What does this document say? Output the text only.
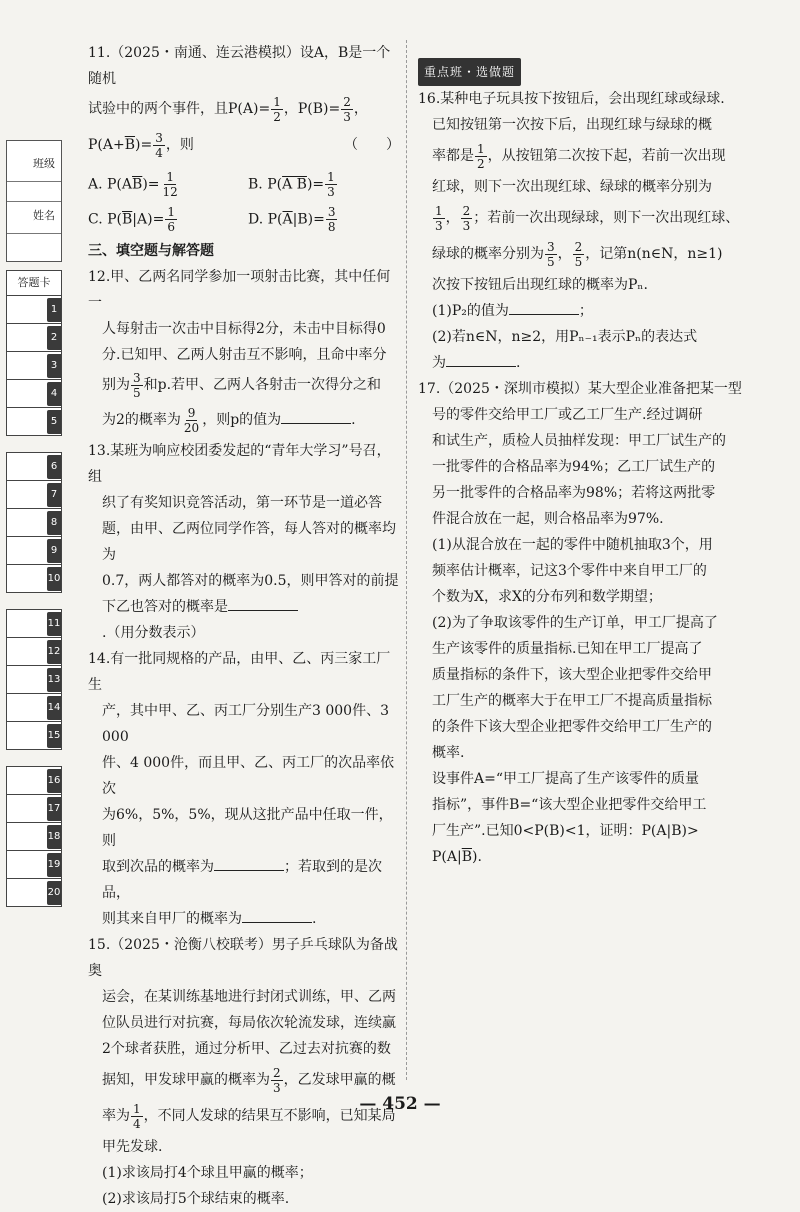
班级
姓名
答题卡
1
2
3
4
5
6
7
8
9
10
11
12
13
14
15
16
17
18
19
20

11.（2025・南通、连云港模拟）设A，B是一个随机

试验中的两个事件，且$P(A)= \frac{1}{2}$ ，$P(B)= \frac{2}{3}$ ，

$P(A+\overline{B})= \frac{3}{4}$ ，则	（　　）

A. $P(A\overline{B})= \frac{1}{12}$	B. P(A $B)= \frac{1}{3}$
C. $P(\overline{B}|A)= \frac{1}{6}$	D. $P(\overline{A}|B)= \frac{3}{8}$

三、填空题与解答题

12.甲、乙两名同学参加一项射击比赛，其中任何一

人每射击一次击中目标得2分，未击中目标得0

分.已知甲、乙两人射击互不影响，且命中率分

别为 $\frac{3}{5}$ 和p.若甲、乙两人各射击一次得分之和

为2的概率为 $\frac{9}{20}$ ，则p的值为	.

13.某班为响应校团委发起的“青年大学习”号召，组

织了有奖知识竞答活动，第一环节是一道必答

题，由甲、乙两位同学作答，每人答对的概率均为

0.7，两人都答对的概率为0.5，则甲答对的前提

下乙也答对的概率是.（用分数表示）

14.有一批同规格的产品，由甲、乙、丙三家工厂生

产，其中甲、乙、丙工厂分别生产3 000件、3 000

件、4 000件，而且甲、乙、丙工厂的次品率依次

为6%，5%，5%，现从这批产品中任取一件，则

取到次品的概率为	；若取到的是次品，

则其来自甲厂的概率为	.

15.（2025・沧衡八校联考）男子乒乓球队为备战奥

运会，在某训练基地进行封闭式训练，甲、乙两

位队员进行对抗赛，每局依次轮流发球，连续赢

2个球者获胜，通过分析甲、乙过去对抗赛的数

据知，甲发球甲赢的概率为 $\frac{2}{3}$ ，乙发球甲赢的概

率为 $\frac{1}{4}$ ，不同人发球的结果互不影响，已知某局

甲先发球.

(1)求该局打4个球且甲赢的概率；

(2)求该局打5个球结束的概率.

重点班・选做题

16.某种电子玩具按下按钮后，会出现红球或绿球.

已知按钮第一次按下后，出现红球与绿球的概

率都是 $\frac{1}{2}$ ，从按钮第二次按下起，若前一次出现

红球，则下一次出现红球、绿球的概率分别为

$\frac{1}{3}$ ， $\frac{2}{3}$ ；若前一次出现绿球，则下一次出现红球、

绿球的概率分别为 $\frac{3}{5}$ ， $\frac{2}{5}$ ，记第n(n∈N，n≥1)

次按下按钮后出现红球的概率为Pₙ.

(1)P₂的值为	；

(2)若n∈N，n≥2，用Pₙ₋₁表示Pₙ的表达式

为	.

17.（2025・深圳市模拟）某大型企业准备把某一型

号的零件交给甲工厂或乙工厂生产.经过调研

和试生产，质检人员抽样发现：甲工厂试生产的

一批零件的合格品率为94%；乙工厂试生产的

另一批零件的合格品率为98%；若将这两批零

件混合放在一起，则合格品率为97%.

(1)从混合放在一起的零件中随机抽取3个，用

频率估计概率，记这3个零件中来自甲工厂的

个数为X，求X的分布列和数学期望；

(2)为了争取该零件的生产订单，甲工厂提高了

生产该零件的质量指标.已知在甲工厂提高了

质量指标的条件下，该大型企业把零件交给甲

工厂生产的概率大于在甲工厂不提高质量指标

的条件下该大型企业把零件交给甲工厂生产的

概率.

设事件A=“甲工厂提高了生产该零件的质量

指标”，事件B=“该大型企业把零件交给甲工

厂生产”.已知0<P(B)<1，证明：P(A|B)>

$P(A|\overline{B})$.

— 452 —
